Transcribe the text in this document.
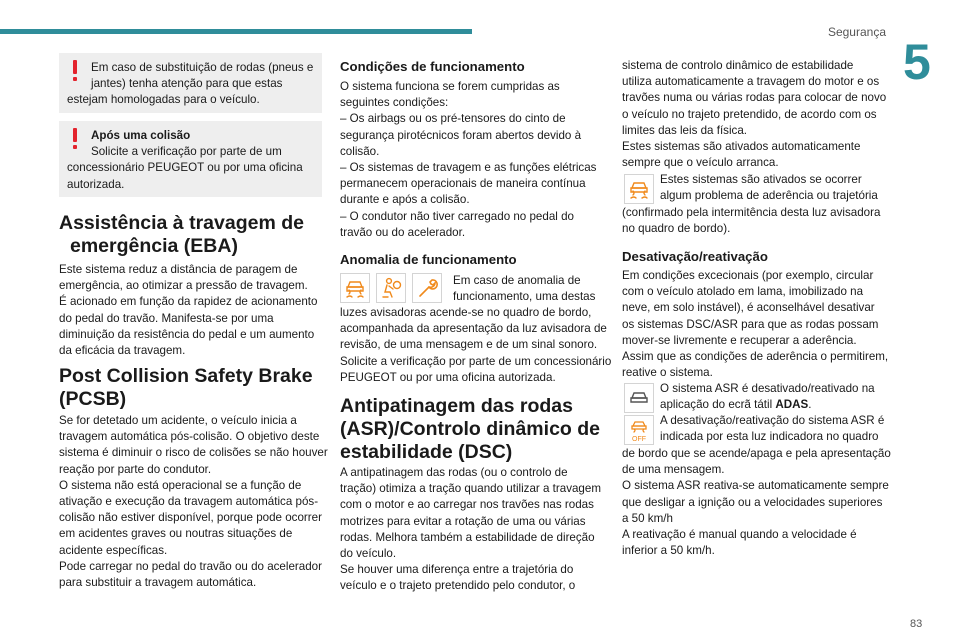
Segurança
5
83
Em caso de substituição de rodas (pneus e
jantes) tenha atenção para que estas
estejam homologadas para o veículo.
Após uma colisão
Solicite a verificação por parte de um
concessionário PEUGEOT ou por uma oficina
autorizada.
Assistência à travagem de
emergência (EBA)
Este sistema reduz a distância de paragem de
emergência, ao otimizar a pressão de travagem.
É acionado em função da rapidez de acionamento
do pedal do travão. Manifesta-se por uma
diminuição da resistência do pedal e um aumento
da eficácia da travagem.
Post Collision Safety Brake
(PCSB)
Se for detetado um acidente, o veículo inicia a
travagem automática pós-colisão. O objetivo deste
sistema é diminuir o risco de colisões se não houver
reação por parte do condutor.
O sistema não está operacional se a função de
ativação e execução da travagem automática pós-
colisão não estiver disponível, porque pode ocorrer
em acidentes graves ou noutras situações de
acidente específicas.
Pode carregar no pedal do travão ou do acelerador
para substituir a travagem automática.
Condições de funcionamento
O sistema funciona se forem cumpridas as
seguintes condições:
– Os airbags ou os pré-tensores do cinto de
segurança pirotécnicos foram abertos devido à
colisão.
– Os sistemas de travagem e as funções elétricas
permanecem operacionais de maneira contínua
durante e após a colisão.
– O condutor não tiver carregado no pedal do
travão ou do acelerador.
Anomalia de funcionamento
Em caso de anomalia de
funcionamento, uma destas
luzes avisadoras acende-se no quadro de bordo,
acompanhada da apresentação da luz avisadora de
revisão, de uma mensagem e de um sinal sonoro.
Solicite a verificação por parte de um concessionário
PEUGEOT ou por uma oficina autorizada.
Antipatinagem das rodas
(ASR)/Controlo dinâmico de
estabilidade (DSC)
A antipatinagem das rodas (ou o controlo de
tração) otimiza a tração quando utilizar a travagem
com o motor e ao carregar nos travões nas rodas
motrizes para evitar a rotação de uma ou várias
rodas. Melhora também a estabilidade de direção
do veículo.
Se houver uma diferença entre a trajetória do
veículo e o trajeto pretendido pelo condutor, o
sistema de controlo dinâmico de estabilidade
utiliza automaticamente a travagem do motor e os
travões numa ou várias rodas para colocar de novo
o veículo no trajeto pretendido, de acordo com os
limites das leis da física.
Estes sistemas são ativados automaticamente
sempre que o veículo arranca.
Estes sistemas são ativados se ocorrer
algum problema de aderência ou trajetória
(confirmado pela intermitência desta luz avisadora
no quadro de bordo).
Desativação/reativação
Em condições excecionais (por exemplo, circular
com o veículo atolado em lama, imobilizado na
neve, em solo instável), é aconselhável desativar
os sistemas DSC/ASR para que as rodas possam
mover-se livremente e recuperar a aderência.
Assim que as condições de aderência o permitirem,
reative o sistema.
O sistema ASR é desativado/reativado na
aplicação do ecrã tátil ADAS.
OFF
A desativação/reativação do sistema ASR é
indicada por esta luz indicadora no quadro
de bordo que se acende/apaga e pela apresentação
de uma mensagem.
O sistema ASR reativa-se automaticamente sempre
que desligar a ignição ou a velocidades superiores
a 50 km/h
A reativação é manual quando a velocidade é
inferior a 50 km/h.
